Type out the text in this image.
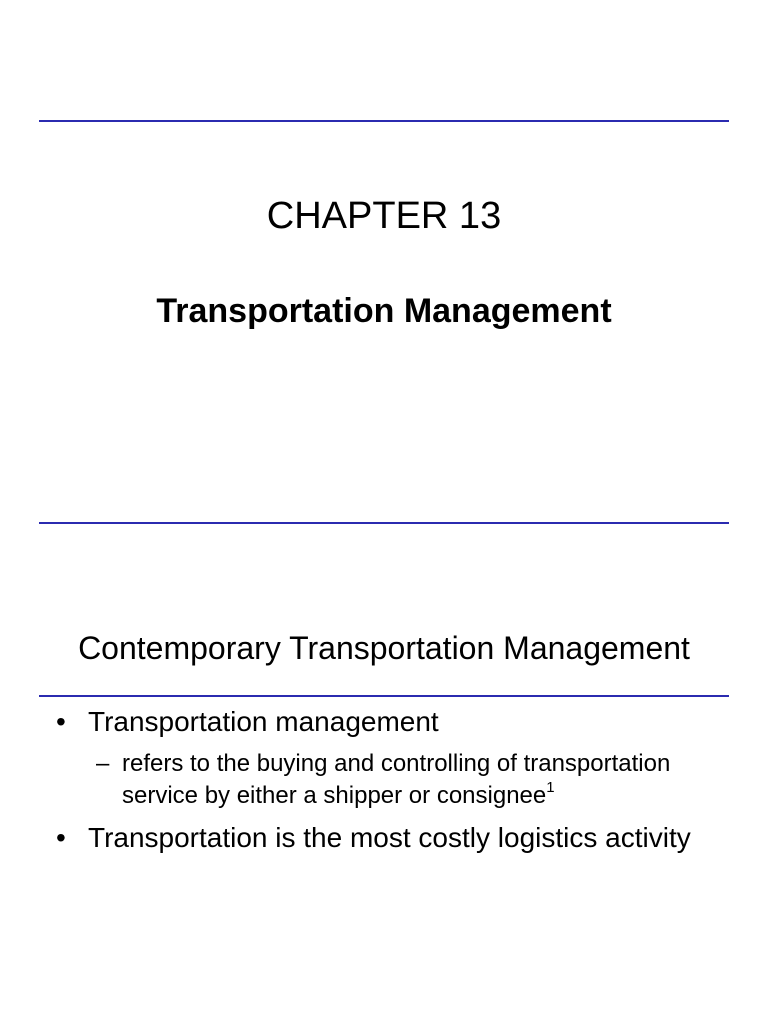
CHAPTER 13
Transportation Management
Contemporary Transportation Management
• Transportation management
– refers to the buying and controlling of transportation service by either a shipper or consignee$^1$
• Transportation is the most costly logistics activity
